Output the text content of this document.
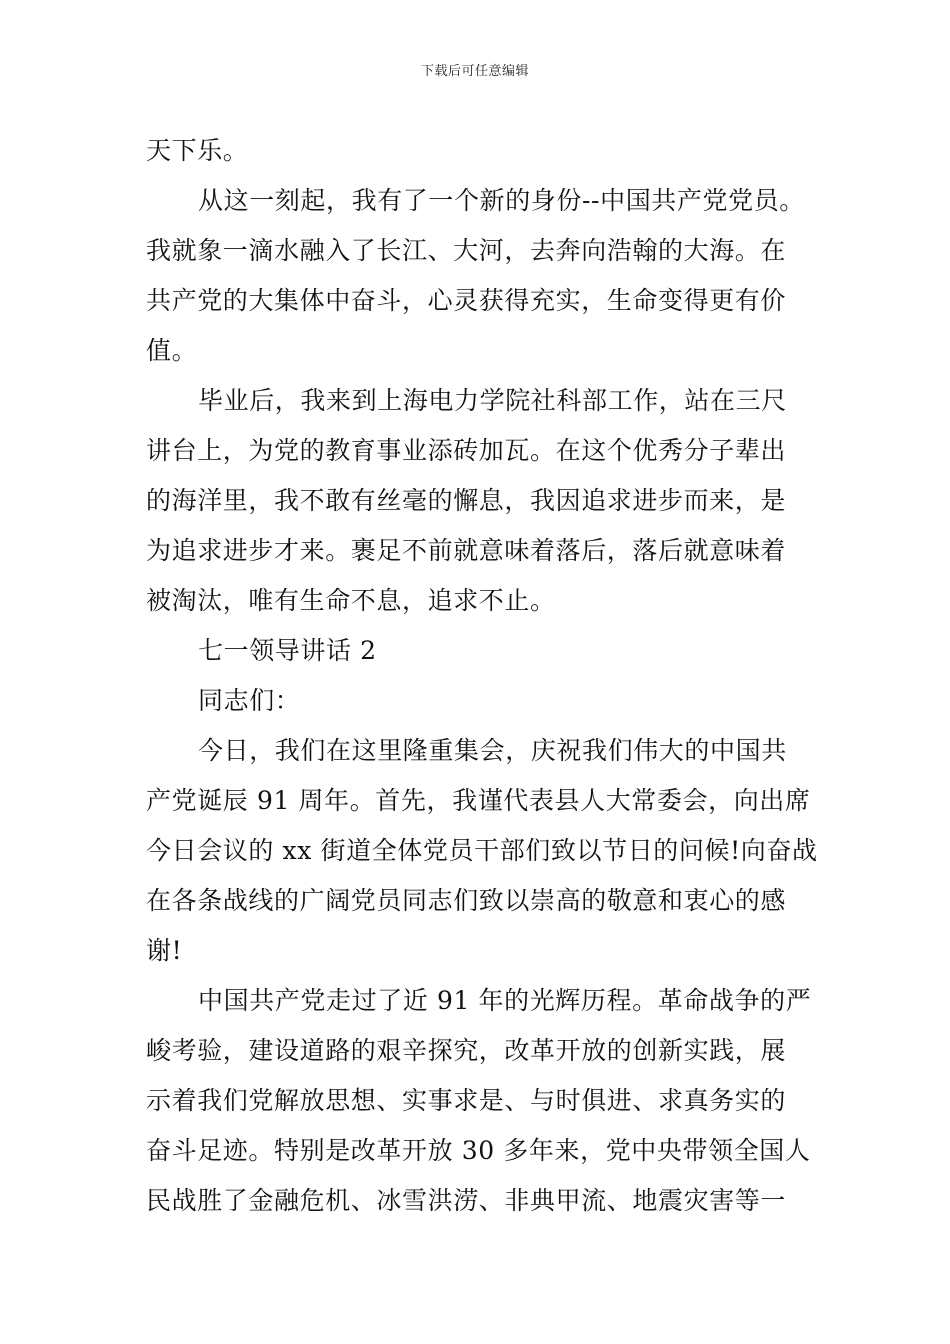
下载后可任意编辑
天下乐。
从这一刻起，我有了一个新的身份--中国共产党党员。
我就象一滴水融入了长江、大河，去奔向浩翰的大海。在
共产党的大集体中奋斗，心灵获得充实，生命变得更有价
值。
毕业后，我来到上海电力学院社科部工作，站在三尺
讲台上，为党的教育事业添砖加瓦。在这个优秀分子辈出
的海洋里，我不敢有丝毫的懈息，我因追求进步而来，是
为追求进步才来。裹足不前就意味着落后，落后就意味着
被淘汰，唯有生命不息，追求不止。
七一领导讲话 2
同志们：
今日，我们在这里隆重集会，庆祝我们伟大的中国共
产党诞辰 91 周年。首先，我谨代表县人大常委会，向出席
今日会议的 xx 街道全体党员干部们致以节日的问候!向奋战
在各条战线的广阔党员同志们致以崇高的敬意和衷心的感
谢!
中国共产党走过了近 91 年的光辉历程。革命战争的严
峻考验，建设道路的艰辛探究，改革开放的创新实践，展
示着我们党解放思想、实事求是、与时俱进、求真务实的
奋斗足迹。特别是改革开放 30 多年来，党中央带领全国人
民战胜了金融危机、冰雪洪涝、非典甲流、地震灾害等一
